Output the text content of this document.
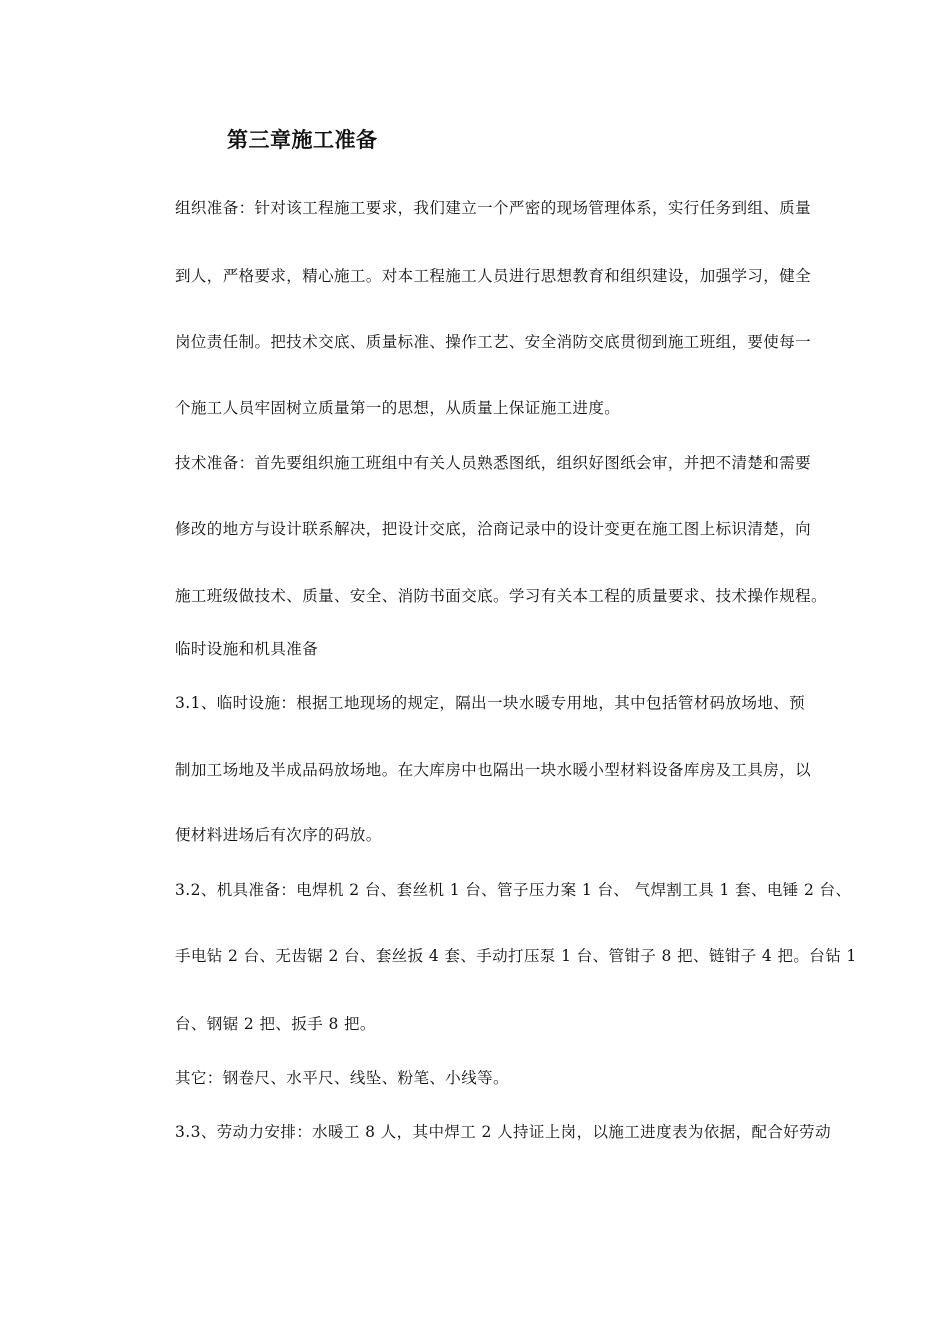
第三章施工准备
组织准备：针对该工程施工要求，我们建立一个严密的现场管理体系，实行任务到组、质量
到人，严格要求，精心施工。对本工程施工人员进行思想教育和组织建设，加强学习，健全
岗位责任制。把技术交底、质量标准、操作工艺、安全消防交底贯彻到施工班组，要使每一
个施工人员牢固树立质量第一的思想，从质量上保证施工进度。
技术准备：首先要组织施工班组中有关人员熟悉图纸，组织好图纸会审，并把不清楚和需要
修改的地方与设计联系解决，把设计交底，洽商记录中的设计变更在施工图上标识清楚，向
施工班级做技术、质量、安全、消防书面交底。学习有关本工程的质量要求、技术操作规程。
临时设施和机具准备
3.1、临时设施：根据工地现场的规定，隔出一块水暖专用地，其中包括管材码放场地、预
制加工场地及半成品码放场地。在大库房中也隔出一块水暖小型材料设备库房及工具房，以
便材料进场后有次序的码放。
3.2、机具准备：电焊机 2 台、套丝机 1 台、管子压力案 1 台、 气焊割工具 1 套、电锤 2 台、
手电钻 2 台、无齿锯 2 台、套丝扳 4 套、手动打压泵 1 台、管钳子 8 把、链钳子 4 把。台钻 1
台、钢锯 2 把、扳手 8 把。
其它：钢卷尺、水平尺、线坠、粉笔、小线等。
3.3、劳动力安排：水暖工 8 人，其中焊工 2 人持证上岗，以施工进度表为依据，配合好劳动
